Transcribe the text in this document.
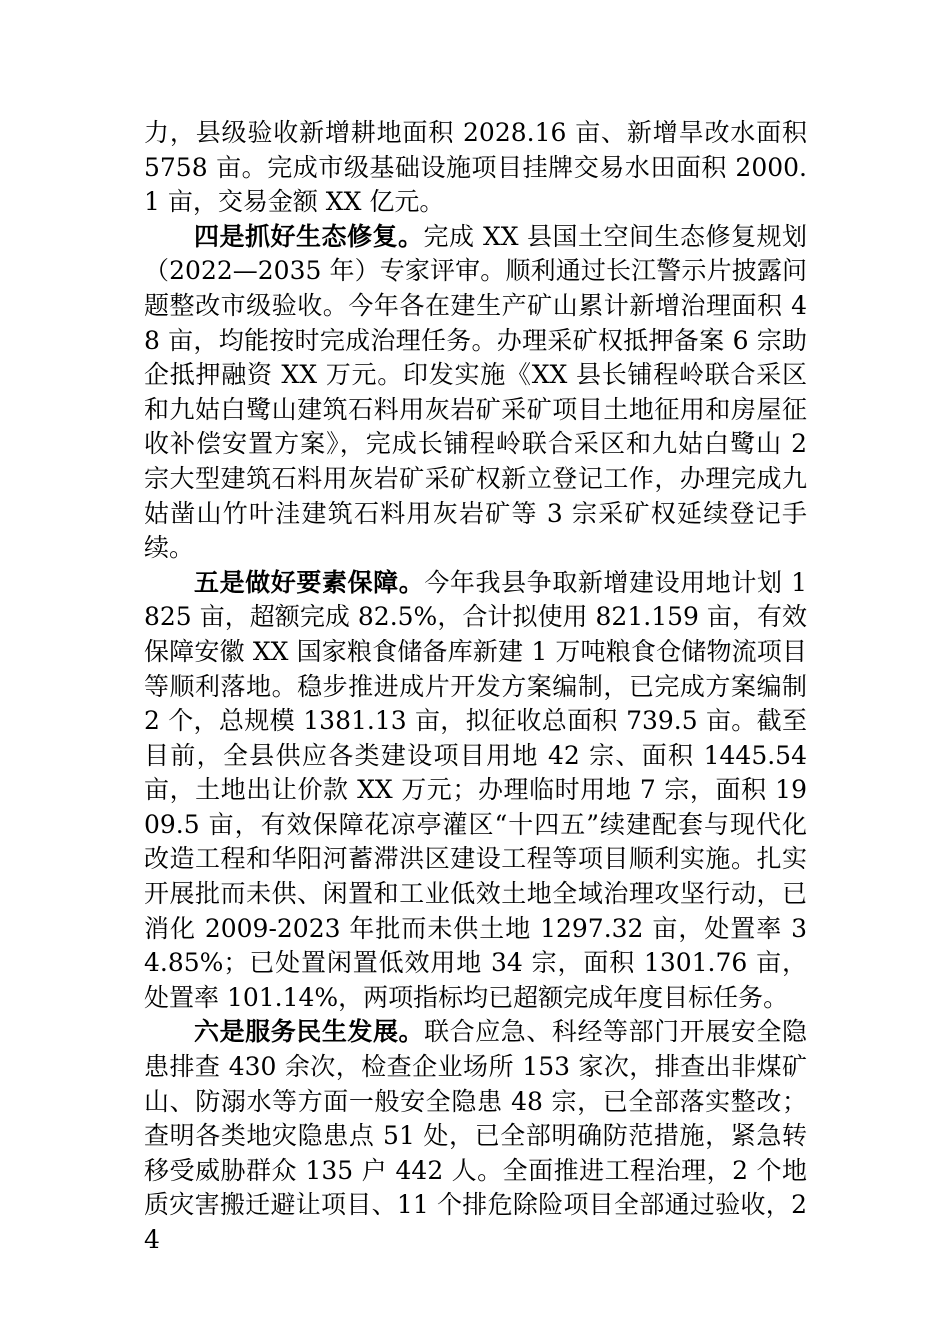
力，县级验收新增耕地面积 2028.16 亩、新增旱改水面积 5758 亩。完成市级基础设施项目挂牌交易水田面积 2000.1 亩，交易金额 XX 亿元。

四是抓好生态修复。完成 XX 县国土空间生态修复规划（2022—2035 年）专家评审。顺利通过长江警示片披露问题整改市级验收。今年各在建生产矿山累计新增治理面积 48 亩，均能按时完成治理任务。办理采矿权抵押备案 6 宗助企抵押融资 XX 万元。印发实施《XX 县长铺程岭联合采区和九姑白鹭山建筑石料用灰岩矿采矿项目土地征用和房屋征收补偿安置方案》，完成长铺程岭联合采区和九姑白鹭山 2 宗大型建筑石料用灰岩矿采矿权新立登记工作，办理完成九姑凿山竹叶洼建筑石料用灰岩矿等 3 宗采矿权延续登记手续。

五是做好要素保障。今年我县争取新增建设用地计划 1825 亩，超额完成 82.5%，合计拟使用 821.159 亩，有效保障安徽 XX 国家粮食储备库新建 1 万吨粮食仓储物流项目等顺利落地。稳步推进成片开发方案编制，已完成方案编制 2 个，总规模 1381.13 亩，拟征收总面积 739.5 亩。截至目前，全县供应各类建设项目用地 42 宗、面积 1445.54 亩，土地出让价款 XX 万元；办理临时用地 7 宗，面积 1909.5 亩，有效保障花凉亭灌区“十四五”续建配套与现代化改造工程和华阳河蓄滞洪区建设工程等项目顺利实施。扎实开展批而未供、闲置和工业低效土地全域治理攻坚行动，已消化 2009-2023 年批而未供土地 1297.32 亩，处置率 34.85%；已处置闲置低效用地 34 宗，面积 1301.76 亩，处置率 101.14%，两项指标均已超额完成年度目标任务。

六是服务民生发展。联合应急、科经等部门开展安全隐患排查 430 余次，检查企业场所 153 家次，排查出非煤矿山、防溺水等方面一般安全隐患 48 宗，已全部落实整改；查明各类地灾隐患点 51 处，已全部明确防范措施，紧急转移受威胁群众 135 户 442 人。全面推进工程治理，2 个地质灾害搬迁避让项目、11 个排危除险项目全部通过验收，24
